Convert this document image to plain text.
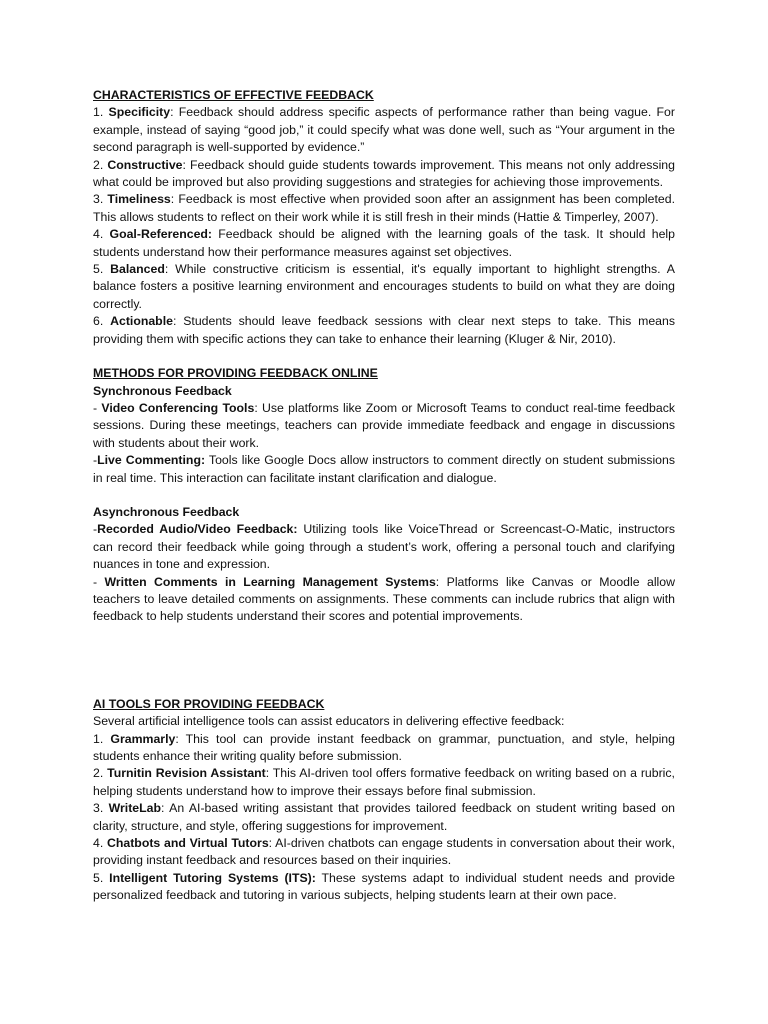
CHARACTERISTICS OF EFFECTIVE FEEDBACK

1. Specificity: Feedback should address specific aspects of performance rather than being vague. For example, instead of saying “good job,” it could specify what was done well, such as “Your argument in the second paragraph is well-supported by evidence.”

2. Constructive: Feedback should guide students towards improvement. This means not only addressing what could be improved but also providing suggestions and strategies for achieving those improvements.

3. Timeliness: Feedback is most effective when provided soon after an assignment has been completed. This allows students to reflect on their work while it is still fresh in their minds (Hattie & Timperley, 2007).

4. Goal-Referenced: Feedback should be aligned with the learning goals of the task. It should help students understand how their performance measures against set objectives.

5. Balanced: While constructive criticism is essential, it's equally important to highlight strengths. A balance fosters a positive learning environment and encourages students to build on what they are doing correctly.

6. Actionable: Students should leave feedback sessions with clear next steps to take. This means providing them with specific actions they can take to enhance their learning (Kluger & Nir, 2010).

METHODS FOR PROVIDING FEEDBACK ONLINE

Synchronous Feedback

- Video Conferencing Tools: Use platforms like Zoom or Microsoft Teams to conduct real-time feedback sessions. During these meetings, teachers can provide immediate feedback and engage in discussions with students about their work.

-Live Commenting: Tools like Google Docs allow instructors to comment directly on student submissions in real time. This interaction can facilitate instant clarification and dialogue.

Asynchronous Feedback

-Recorded Audio/Video Feedback: Utilizing tools like VoiceThread or Screencast-O-Matic, instructors can record their feedback while going through a student’s work, offering a personal touch and clarifying nuances in tone and expression.

- Written Comments in Learning Management Systems: Platforms like Canvas or Moodle allow teachers to leave detailed comments on assignments. These comments can include rubrics that align with feedback to help students understand their scores and potential improvements.

AI TOOLS FOR PROVIDING FEEDBACK

Several artificial intelligence tools can assist educators in delivering effective feedback:

1. Grammarly: This tool can provide instant feedback on grammar, punctuation, and style, helping students enhance their writing quality before submission.

2. Turnitin Revision Assistant: This AI-driven tool offers formative feedback on writing based on a rubric, helping students understand how to improve their essays before final submission.

3. WriteLab: An AI-based writing assistant that provides tailored feedback on student writing based on clarity, structure, and style, offering suggestions for improvement.

4. Chatbots and Virtual Tutors: AI-driven chatbots can engage students in conversation about their work, providing instant feedback and resources based on their inquiries.

5. Intelligent Tutoring Systems (ITS): These systems adapt to individual student needs and provide personalized feedback and tutoring in various subjects, helping students learn at their own pace.
